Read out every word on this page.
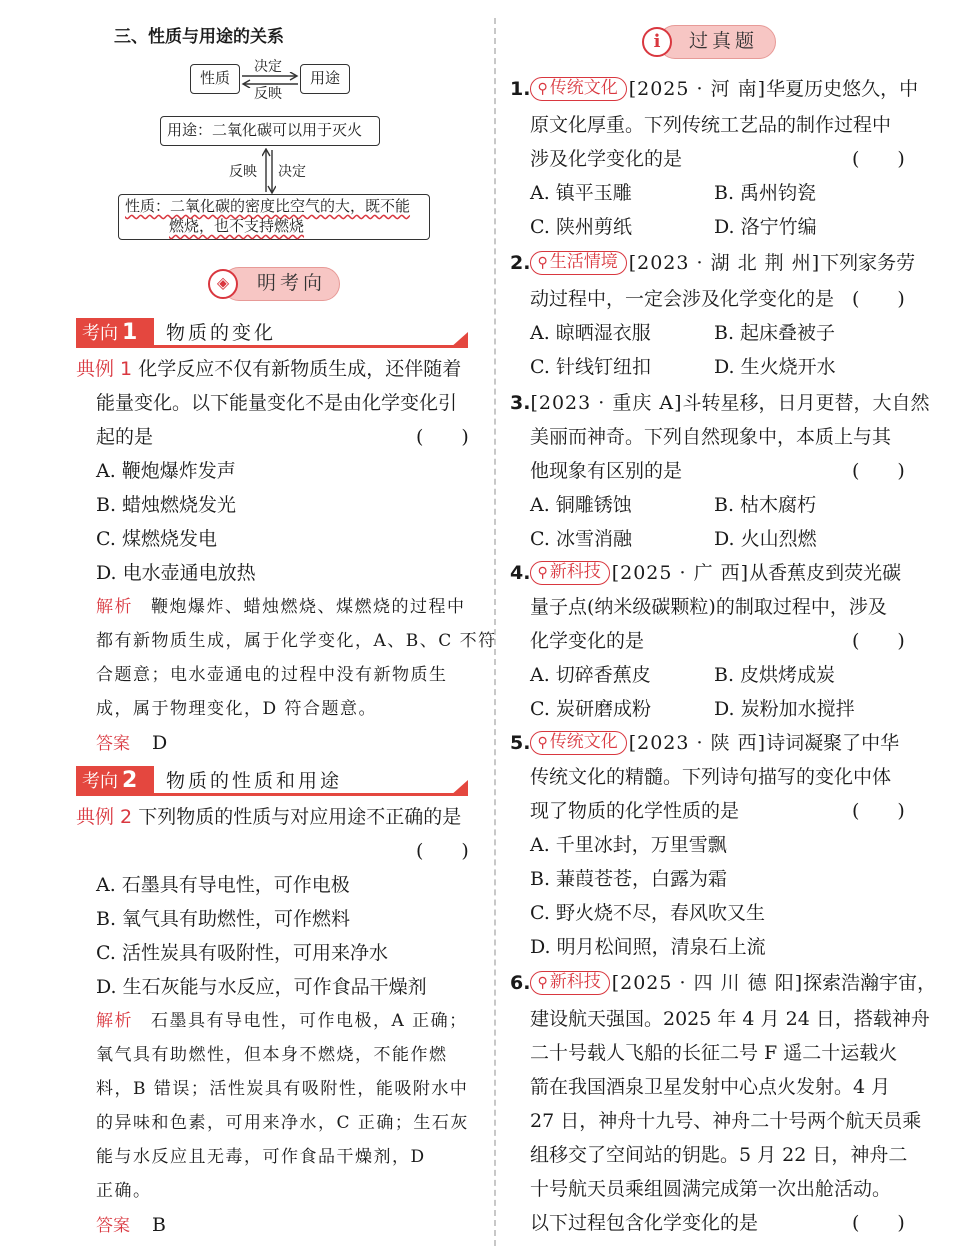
三、性质与用途的关系
性质	用途
决定
反映
用途：二氧化碳可以用于灭火
反映 决定
性质：二氧化碳的密度比空气的大，既不能
燃烧，也不支持燃烧
明考向
◈
考向 1	物质的变化
典例 1 化学反应不仅有新物质生成，还伴随着
能量变化。以下能量变化不是由化学变化引
起的是	(　　)
A. 鞭炮爆炸发声
B. 蜡烛燃烧发光
C. 煤燃烧发电
D. 电水壶通电放热
解析 鞭炮爆炸、蜡烛燃烧、煤燃烧的过程中
都有新物质生成，属于化学变化，A、B、C 不符
合题意；电水壶通电的过程中没有新物质生
成，属于物理变化，D 符合题意。
答案 D
考向 2	物质的性质和用途
典例 2 下列物质的性质与对应用途不正确的是
(　　)
A. 石墨具有导电性，可作电极
B. 氧气具有助燃性，可作燃料
C. 活性炭具有吸附性，可用来净水
D. 生石灰能与水反应，可作食品干燥剂
解析 石墨具有导电性，可作电极，A 正确；
氧气具有助燃性，但本身不燃烧，不能作燃
料，B 错误；活性炭具有吸附性，能吸附水中
的异味和色素，可用来净水，C 正确；生石灰
能与水反应且无毒，可作食品干燥剂，D
正确。
答案 B
过真题
i
1. ⚲ 传统文化 [2025 · 河 南]华夏历史悠久，中
原文化厚重。下列传统工艺品的制作过程中
涉及化学变化的是	(　　)
A. 镇平玉雕	B. 禹州钧瓷
C. 陕州剪纸	D. 洛宁竹编
2. ⚲ 生活情境 [2023 · 湖 北 荆 州]下列家务劳
动过程中，一定会涉及化学变化的是 (　　)
A. 晾晒湿衣服	B. 起床叠被子
C. 针线钉纽扣	D. 生火烧开水
3.[2023 · 重庆 A]斗转星移，日月更替，大自然
美丽而神奇。下列自然现象中，本质上与其
他现象有区别的是	(　　)
A. 铜雕锈蚀	B. 枯木腐朽
C. 冰雪消融	D. 火山烈燃
4. ⚲ 新科技 [2025 · 广 西]从香蕉皮到荧光碳
量子点(纳米级碳颗粒)的制取过程中，涉及
化学变化的是	(　　)
A. 切碎香蕉皮	B. 皮烘烤成炭
C. 炭研磨成粉	D. 炭粉加水搅拌
5. ⚲ 传统文化 [2023 · 陕 西]诗词凝聚了中华
传统文化的精髓。下列诗句描写的变化中体
现了物质的化学性质的是	(　　)
A. 千里冰封，万里雪飘
B. 蒹葭苍苍，白露为霜
C. 野火烧不尽，春风吹又生
D. 明月松间照，清泉石上流
6. ⚲ 新科技 [2025 · 四 川 德 阳]探索浩瀚宇宙，
建设航天强国。2025 年 4 月 24 日，搭载神舟
二十号载人飞船的长征二号 F 遥二十运载火
箭在我国酒泉卫星发射中心点火发射。4 月
27 日，神舟十九号、神舟二十号两个航天员乘
组移交了空间站的钥匙。5 月 22 日，神舟二
十号航天员乘组圆满完成第一次出舱活动。
以下过程包含化学变化的是	(　　)
